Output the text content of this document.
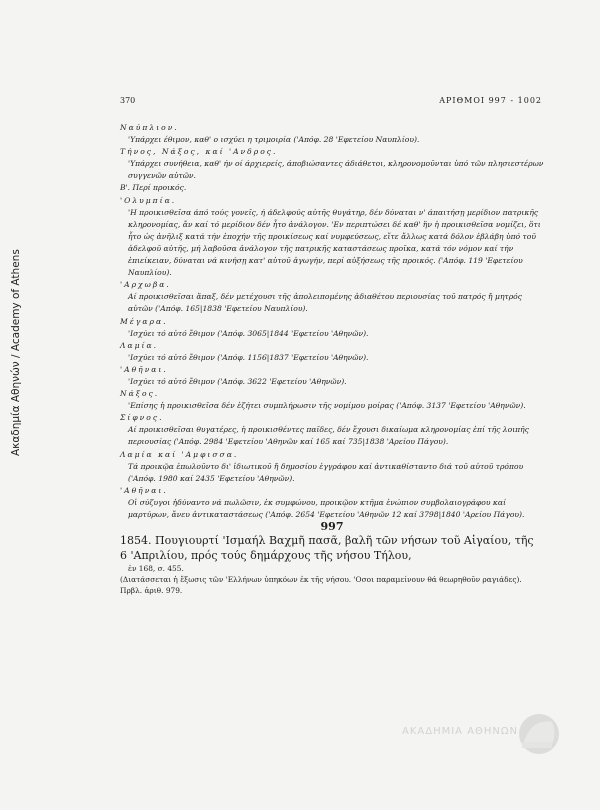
Ακαδημία Αθηνών / Academy of Athens
370	ΑΡΙΘΜΟΙ 997 - 1002

Ναύπλιον.

'Υπάρχει έθιμον, καθ' ο ισχύει η τριμοιρία ('Απόφ. 28 'Εφετείου Ναυπλίου).

Τήνος, Νάξος, καί 'Ανδρος.

'Υπάρχει συνήθεια, καθ' ήν οί άρχιερείς, άποβιώσαντες άδιάθετοι, κληρονομοῦνται ὑπό τῶν πλησιεστέρων συγγενῶν αὐτῶν.

Β'. Περί προικός.

'Ολυμπία.

'Η προικισθεῖσα άπό τούς γονεῖς, ή άδελφούς αὐτῆς θυγάτηρ, δέν δύναται ν' άπαιτήσῃ μερίδιον πατρικῆς κληρονομίας, ἄν καί τό μερίδιον δέν ἦτο ἀνάλογον. 'Εν περιπτώσει δέ καθ' ἥν ἡ προικισθεῖσα νομίζει, ὅτι ἦτο ὡς ἀνῆλιξ κατά τήν ἐποχήν τῆς προικίσεως καί νυμφεύσεως, εἴτε ἄλλως κατά δόλον ἐβλάβη ὑπό τοῦ ἀδελφοῦ αὐτῆς, μή λαβοῦσα ἀνάλογον τῆς πατρικῆς καταστάσεως προῖκα, κατά τόν νόμον καί τήν ἐπιείκειαν, δύναται νά κινήσῃ κατ' αὐτοῦ ἀγωγήν, περί αὐξήσεως τῆς προικός. ('Απόφ. 119 'Εφετείου Ναυπλίου).

'Αρχωβα.

Αί προικισθεῖσαι ἅπαξ, δέν μετέχουσι τῆς ἀπολειπομένης ἀδιαθέτου περιουσίας τοῦ πατρός ἤ μητρός αὐτῶν ('Απόφ. 165|1838 'Εφετείου Ναυπλίου).

Μέγαρα.

'Ισχύει τό αὐτό ἔθιμον ('Απόφ. 3065|1844 'Εφετείου 'Αθηνῶν).

Λαμία.

'Ισχύει τό αὐτό ἔθιμον ('Απόφ. 1156|1837 'Εφετείου 'Αθηνῶν).

'Αθῆναι.

'Ισχύει τό αὐτό ἔθιμον ('Απόφ. 3622 'Εφετείου 'Αθηνῶν).

Νάξος.

'Επίσης ἡ προικισθεῖσα δέν ἐζήτει συμπλήρωσιν τῆς νομίμου μοίρας ('Απόφ. 3137 'Εφετείου 'Αθηνῶν).

Σίφνος.

Αί προικισθεῖσαι θυγατέρες, ἡ προικισθέντες παῖδες, δέν ἔχουσι δικαίωμα κληρονομίας ἐπί τῆς λοιπῆς περιουσίας ('Απόφ. 2984 'Εφετείου 'Αθηνῶν καί 165 καί 735|1838 'Αρείου Πάγου).

Λαμία καί 'Αμφισσα.

Τά προικῷα ἐπωλοῦντο δι' ἰδιωτικοῦ ἤ δημοσίου ἐγγράφου καί ἀντικαθίσταντο διά τοῦ αὐτοῦ τρόπου ('Απόφ. 1980 καί 2435 'Εφετείου 'Αθηνῶν).

'Αθῆναι.

Οἱ σύζυγοι ἠδύναντο νά πωλῶσιν, ἐκ συμφώνου, προικῷον κτῆμα ἐνώπιον συμβολαιογράφου καί μαρτύρων, ἄνευ ἀντικαταστάσεως ('Απόφ. 2654 'Εφετείου 'Αθηνῶν 12 καί 3798|1840 'Αρείου Πάγου).

997

1854. Πουγιουρτί 'Ισμαήλ Βαχμῆ πασᾶ, βαλῆ τῶν νήσων τοῦ Αἰγαίου, τῆς 6 'Απριλίου, πρός τούς δημάρχους τῆς νήσου Τήλου,

ἐν 168, σ. 455.

(Διατάσσεται ἡ ἔξωσις τῶν 'Ελλήνων ὑπηκόων ἐκ τῆς νήσου. 'Οσοι παραμείνουν θά θεωρηθοῦν ραγιάδες). Πρβλ. ἀριθ. 979.

ΑΚΑΔΗΜΙΑ ΑΘΗΝΩΝ
